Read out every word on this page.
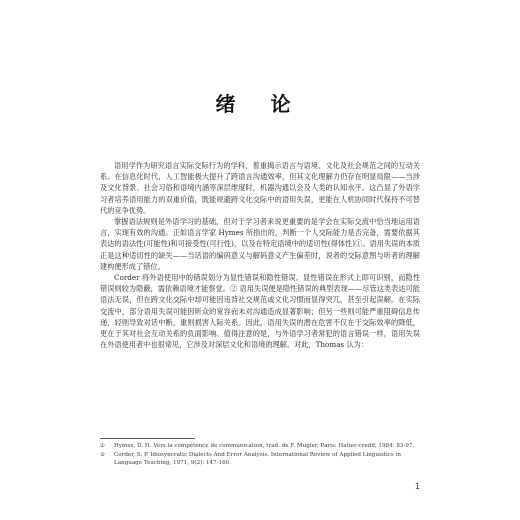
绪 论

语用学作为研究语言实际交际行为的学科，着重揭示语言与语境、文化及社会规范之间的互动关系。在信息化时代，人工智能极大提升了跨语言沟通效率，但其文化理解力仍存在明显局限——当涉及文化背景、社会习俗和语境内涵等深层维度时，机器沟通以会及人类的认知水平。这凸显了外语学习者培养语用能力的双重价值，既能规避跨文化交际中的语用失误，更能在人机协同时代保持不可替代的竞争优势。

掌握语法规则是外语学习的基础，但对于学习者来说更重要的是学会在实际交流中恰当地运用语言，实现有效的沟通。正如语言学家 Hymes 所指出的，判断一个人交际能力是否完备，需要依据其表达的语法性(可能性)和可接受性(可行性)，以及在特定语境中的适切性(得体性)①。语用失误的本质正是这种适切性的缺失——当话语的编码意义与解码意义产生偏差时，说者的交际意图与听者的理解建构便形成了错位。

Corder 将外语使用中的错误划分为显性错误和隐性错误。显性错误在形式上即可识别，而隐性错误则较为隐蔽，需依赖语境才能察觉。② 语用失误便是隐性错误的典型表现——尽管这类表达可能语法无误，但在跨文化交际中却可能因违背社交规范或文化习惯而显得突兀，甚至引起误解。在实际交流中，部分语用失误可能因听众的宽容而未对沟通造成显著影响；但另一些则可能严重阻碍信息传递，轻则导致对话中断，重则损害人际关系。因此，语用失误的潜在危害不仅在于交际效率的降低，更在于其对社会互动关系的负面影响。值得注意的是，与外语学习者常犯的语言错误一样，语用失误在外语使用者中也很常见，它涉及对深层文化和语境的理解。对此，Thomas 认为：

① Hymes, D. H. Vers la compétence de communication, trad. de F. Mugler, Paris: Hatier-credif, 1984: 83-97.

② Corder, S. P. Idiosyncratic Dialects And Error Analysis. International Review of Applied Linguistics in Language Teaching, 1971, 9(2): 147-160.

1
